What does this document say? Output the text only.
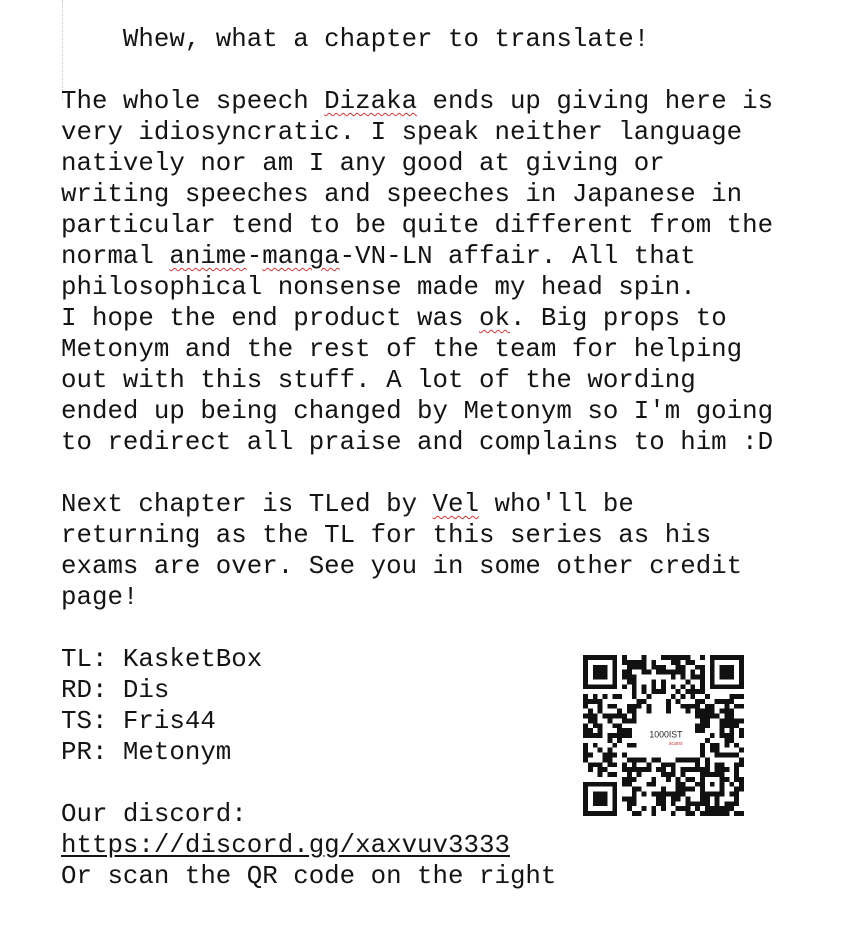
Whew, what a chapter to translate!

The whole speech Dizaka ends up giving here is

very idiosyncratic. I speak neither language

natively nor am I any good at giving or

writing speeches and speeches in Japanese in

particular tend to be quite different from the

normal anime-manga-VN-LN affair. All that

philosophical nonsense made my head spin.

I hope the end product was ok. Big props to

Metonym and the rest of the team for helping

out with this stuff. A lot of the wording

ended up being changed by Metonym so I'm going

to redirect all praise and complains to him :D

Next chapter is TLed by Vel who'll be

returning as the TL for this series as his

exams are over. See you in some other credit

page!

TL: KasketBox

RD: Dis

TS: Fris44

PR: Metonym

Our discord:

https://discord.gg/xaxvuv3333

Or scan the QR code on the right

1000IST
scans
